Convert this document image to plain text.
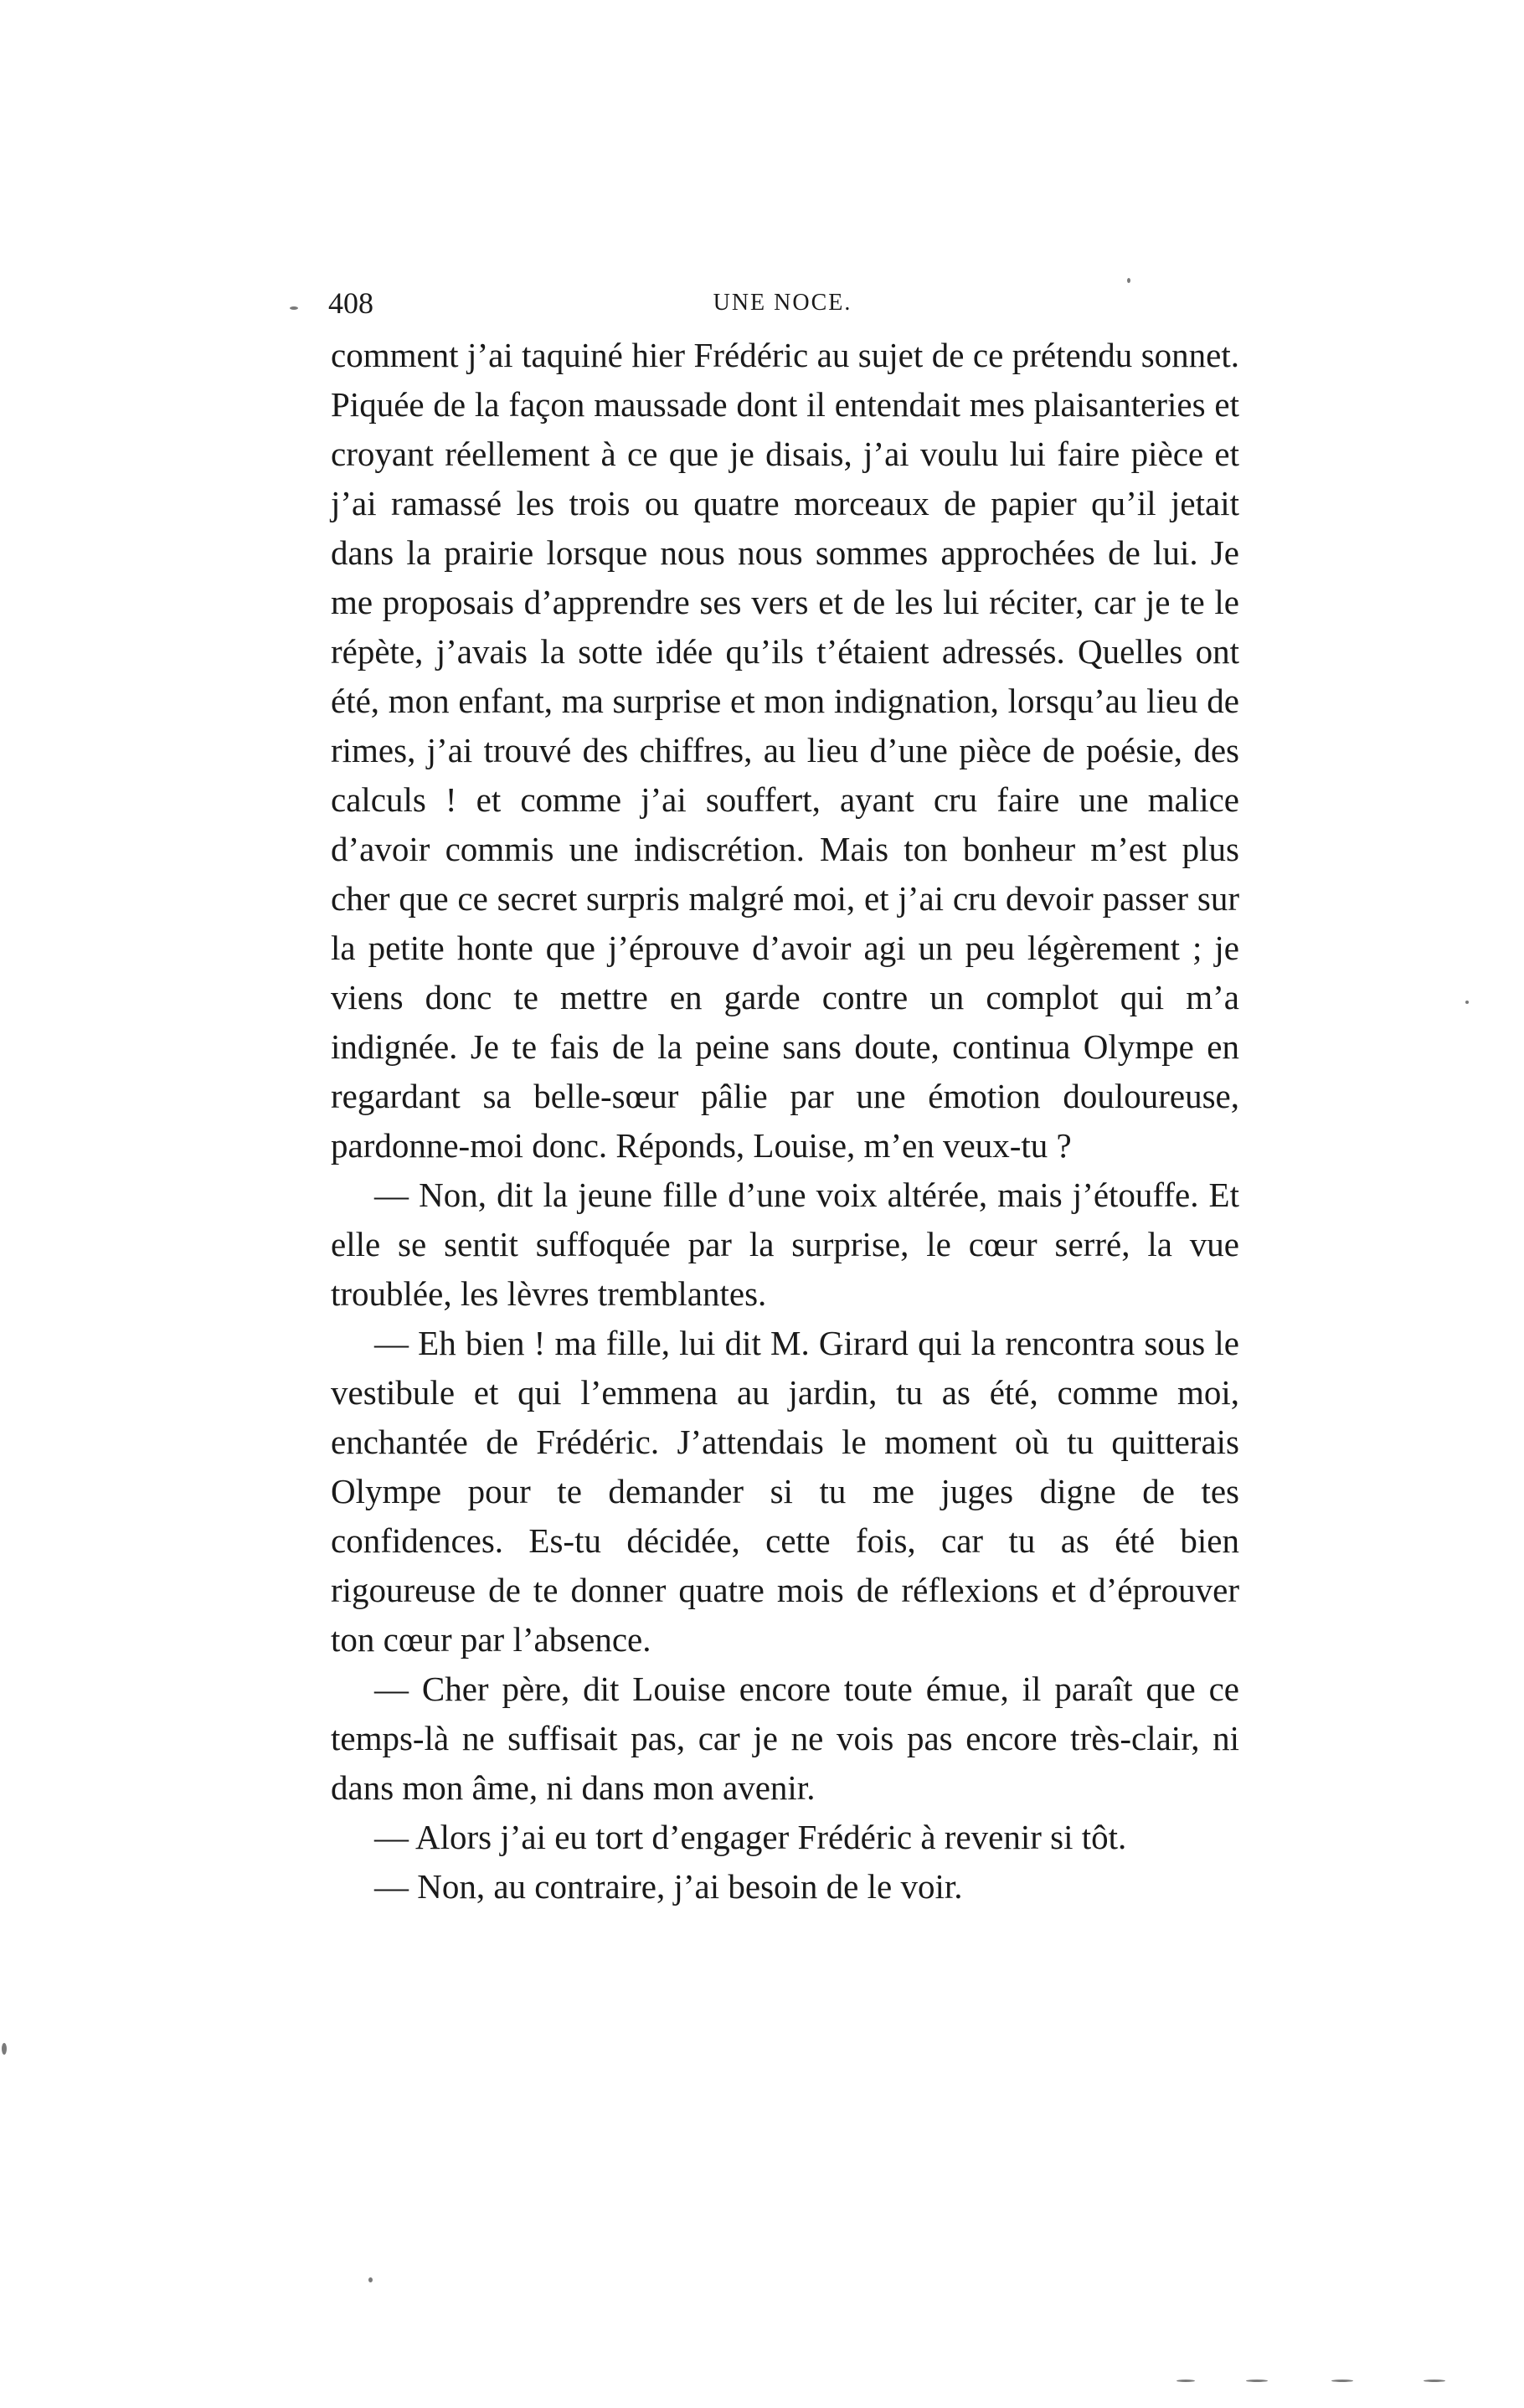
408	UNE NOCE.

comment j’ai taquiné hier Frédéric au sujet de ce prétendu sonnet. Piquée de la façon maussade dont il entendait mes plaisanteries et croyant réellement à ce que je disais, j’ai voulu lui faire pièce et j’ai ramassé les trois ou quatre morceaux de papier qu’il jetait dans la prairie lorsque nous nous sommes approchées de lui. Je me proposais d’apprendre ses vers et de les lui réciter, car je te le répète, j’avais la sotte idée qu’ils t’étaient adressés. Quelles ont été, mon enfant, ma surprise et mon indignation, lorsqu’au lieu de rimes, j’ai trouvé des chiffres, au lieu d’une pièce de poésie, des calculs ! et comme j’ai souffert, ayant cru faire une malice d’avoir commis une indiscrétion. Mais ton bonheur m’est plus cher que ce secret surpris malgré moi, et j’ai cru devoir passer sur la petite honte que j’éprouve d’avoir agi un peu légèrement ; je viens donc te mettre en garde contre un complot qui m’a indignée. Je te fais de la peine sans doute, continua Olympe en regardant sa belle-sœur pâlie par une émotion douloureuse, pardonne-moi donc. Réponds, Louise, m’en veux-tu ?

— Non, dit la jeune fille d’une voix altérée, mais j’étouffe. Et elle se sentit suffoquée par la surprise, le cœur serré, la vue troublée, les lèvres tremblantes.

— Eh bien ! ma fille, lui dit M. Girard qui la rencontra sous le vestibule et qui l’emmena au jardin, tu as été, comme moi, enchantée de Frédéric. J’attendais le moment où tu quitterais Olympe pour te demander si tu me juges digne de tes confidences. Es-tu décidée, cette fois, car tu as été bien rigoureuse de te donner quatre mois de réflexions et d’éprouver ton cœur par l’absence.

— Cher père, dit Louise encore toute émue, il paraît que ce temps-là ne suffisait pas, car je ne vois pas encore très-clair, ni dans mon âme, ni dans mon avenir.

— Alors j’ai eu tort d’engager Frédéric à revenir si tôt.

— Non, au contraire, j’ai besoin de le voir.
